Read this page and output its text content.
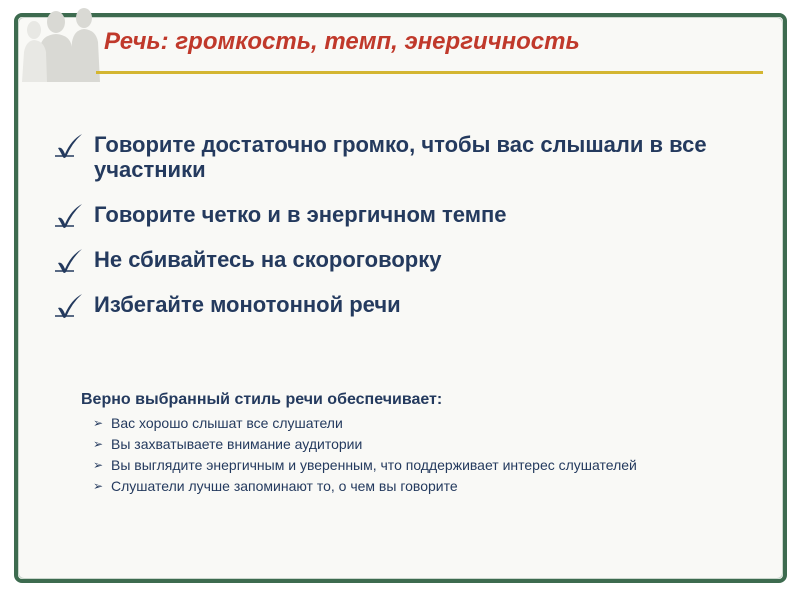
Речь: громкость, темп, энергичность
Говорите достаточно громко, чтобы вас слышали в все участники
Говорите четко и в энергичном темпе
Не сбивайтесь на скороговорку
Избегайте монотонной речи

Верно выбранный стиль речи обеспечивает:

➢ Вас хорошо слышат все слушатели
➢ Вы захватываете внимание аудитории
➢ Вы выглядите энергичным и уверенным, что поддерживает интерес слушателей
➢ Слушатели лучше запоминают то, о чем вы говорите
